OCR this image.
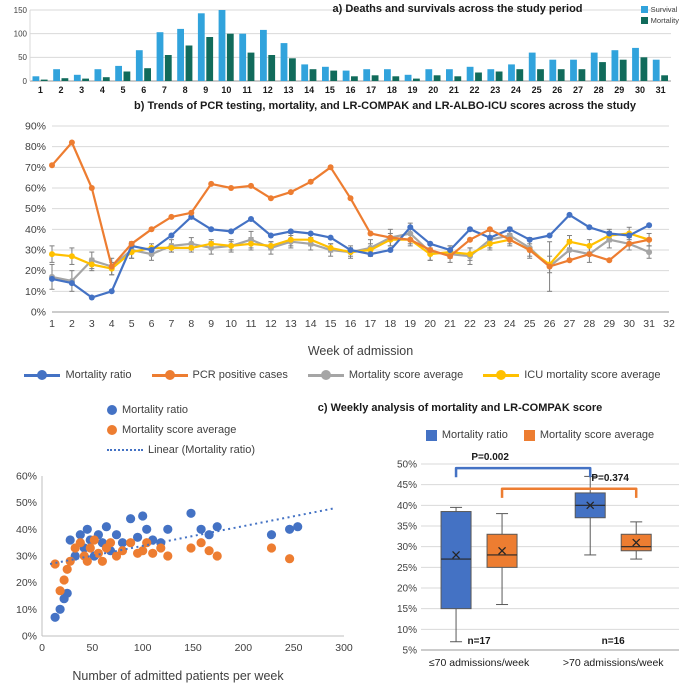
0
50
100
150
1 2 3 4 5 6 7 8 9 10 11 12 13 14 15 16 17 18 19 20 21 22 23 24 25 26 27 28 29 30 31
a) Deaths and survivals across the study period	Survival
Mortality
b) Trends of PCR testing, mortality, and LR-COMPAK and LR-ALBO-ICU scores across the study
0%
10%
20%
30%
40%
50%
60%
70%
80%
90%
1 2 3 4 5 6 7 8 9 10 11 12 13 14 15 16 17 18 19 20 21 22 23 24 25 26 27 28 29 30 31 32
Week of admission
Mortality ratio	PCR positive cases	Mortality score average	ICU mortality score average
Mortality ratio
Mortality score average
Linear (Mortality ratio)
c) Weekly analysis of mortality and LR-COMPAK score
0%
10%
20%
30%
40%
50%
60%
0	50	100	150	200	250	300
Number of admitted patients per week
Mortality ratio	Mortality score average
5%
10%
15%
20%
25%
30%
35%
40%
45%
50%
n=17
≤70 admissions/week
n=16
>70 admissions/week
P=0.002
P=0.374
